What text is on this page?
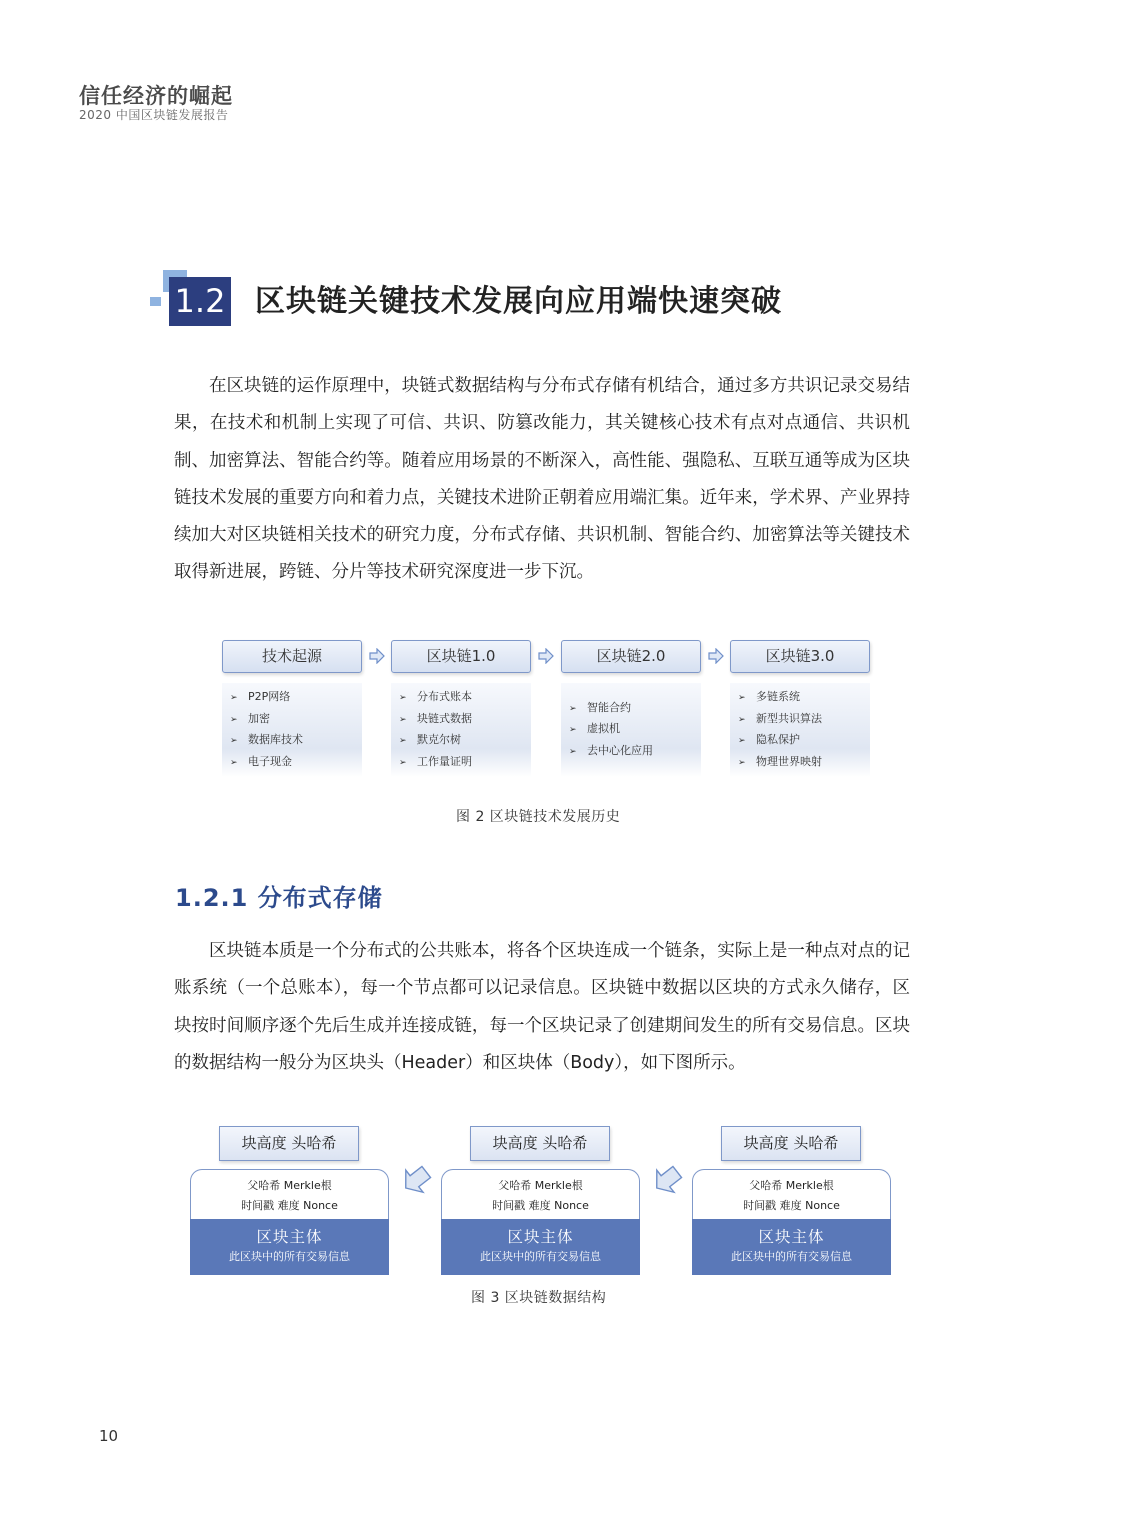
信任经济的崛起
2020 中国区块链发展报告
1.2 区块链关键技术发展向应用端快速突破

在区块链的运作原理中，块链式数据结构与分布式存储有机结合，通过多方共识记录交易结果，在技术和机制上实现了可信、共识、防篡改能力，其关键核心技术有点对点通信、共识机制、加密算法、智能合约等。随着应用场景的不断深入，高性能、强隐私、互联互通等成为区块链技术发展的重要方向和着力点，关键技术进阶正朝着应用端汇集。近年来，学术界、产业界持续加大对区块链相关技术的研究力度，分布式存储、共识机制、智能合约、加密算法等关键技术取得新进展，跨链、分片等技术研究深度进一步下沉。

技术起源	区块链1.0	区块链2.0	区块链3.0
➢ P2P网络
➢ 加密
➢ 数据库技术
➢ 电子现金
➢ 分布式账本
➢ 块链式数据
➢ 默克尔树
➢ 工作量证明
➢ 智能合约
➢ 虚拟机
➢ 去中心化应用
➢ 多链系统
➢ 新型共识算法
➢ 隐私保护
➢ 物理世界映射
图 2 区块链技术发展历史
1.2.1 分布式存储

区块链本质是一个分布式的公共账本，将各个区块连成一个链条，实际上是一种点对点的记账系统（一个总账本），每一个节点都可以记录信息。区块链中数据以区块的方式永久储存，区块按时间顺序逐个先后生成并连接成链，每一个区块记录了创建期间发生的所有交易信息。区块的数据结构一般分为区块头（Header）和区块体（Body），如下图所示。

块高度 头哈希
父哈希 Merkle根
时间戳 难度 Nonce
区块主体
此区块中的所有交易信息
块高度 头哈希
父哈希 Merkle根
时间戳 难度 Nonce
区块主体
此区块中的所有交易信息
块高度 头哈希
父哈希 Merkle根
时间戳 难度 Nonce
区块主体
此区块中的所有交易信息
图 3 区块链数据结构
10
